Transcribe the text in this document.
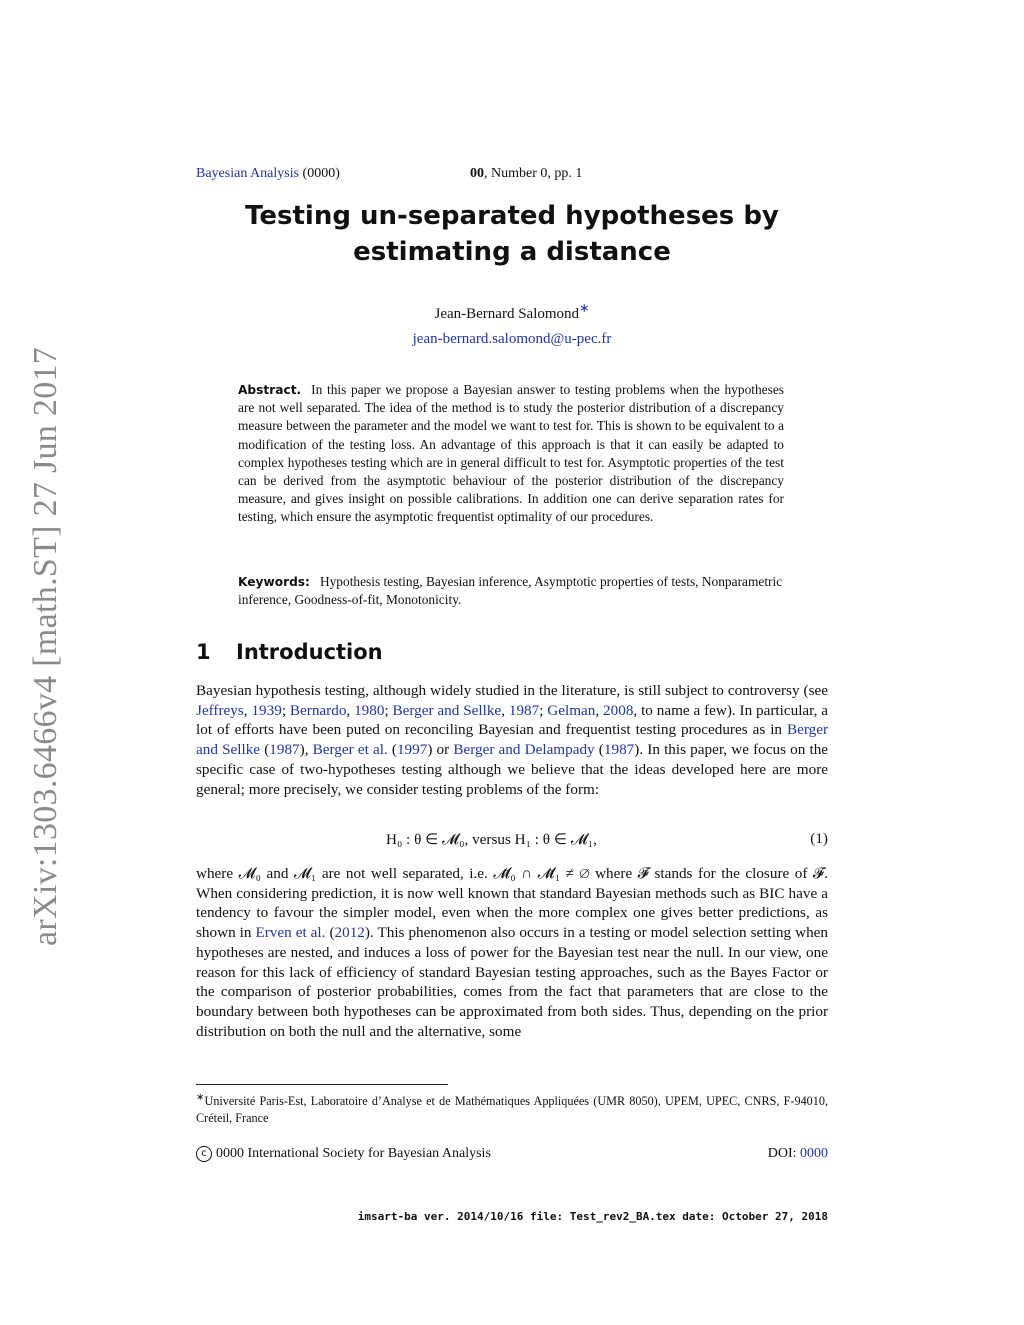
arXiv:1303.6466v4 [math.ST] 27 Jun 2017
Bayesian Analysis (0000)	00, Number 0, pp. 1
Testing un-separated hypotheses by estimating a distance
Jean-Bernard Salomond∗
jean-bernard.salomond@u-pec.fr
Abstract. In this paper we propose a Bayesian answer to testing problems when the hypotheses are not well separated. The idea of the method is to study the posterior distribution of a discrepancy measure between the parameter and the model we want to test for. This is shown to be equivalent to a modification of the testing loss. An advantage of this approach is that it can easily be adapted to complex hypotheses testing which are in general difficult to test for. Asymptotic properties of the test can be derived from the asymptotic behaviour of the posterior distribution of the discrepancy measure, and gives insight on possible calibrations. In addition one can derive separation rates for testing, which ensure the asymptotic frequentist optimality of our procedures.
Keywords: Hypothesis testing, Bayesian inference, Asymptotic properties of tests, Nonparametric inference, Goodness-of-fit, Monotonicity.
1 Introduction
Bayesian hypothesis testing, although widely studied in the literature, is still subject to controversy (see Jeffreys, 1939; Bernardo, 1980; Berger and Sellke, 1987; Gelman, 2008, to name a few). In particular, a lot of efforts have been puted on reconciling Bayesian and frequentist testing procedures as in Berger and Sellke (1987), Berger et al. (1997) or Berger and Delampady (1987). In this paper, we focus on the specific case of two-hypotheses testing although we believe that the ideas developed here are more general; more precisely, we consider testing problems of the form:
H₀ : θ ∈ 𝓜₀, versus H₁ : θ ∈ 𝓜₁,	(1)
where 𝓜₀ and 𝓜₁ are not well separated, i.e. 𝓜̄₀ ∩ 𝓜̄₁ ≠ ∅ where 𝓕̄ stands for the closure of 𝓕. When considering prediction, it is now well known that standard Bayesian methods such as BIC have a tendency to favour the simpler model, even when the more complex one gives better predictions, as shown in Erven et al. (2012). This phenomenon also occurs in a testing or model selection setting when hypotheses are nested, and induces a loss of power for the Bayesian test near the null. In our view, one reason for this lack of efficiency of standard Bayesian testing approaches, such as the Bayes Factor or the comparison of posterior probabilities, comes from the fact that parameters that are close to the boundary between both hypotheses can be approximated from both sides. Thus, depending on the prior distribution on both the null and the alternative, some
∗Université Paris-Est, Laboratoire d’Analyse et de Mathématiques Appliquées (UMR 8050), UPEM, UPEC, CNRS, F-94010, Créteil, France
c 0000 International Society for Bayesian Analysis	DOI: 0000
imsart-ba ver. 2014/10/16 file: Test_rev2_BA.tex date: October 27, 2018
